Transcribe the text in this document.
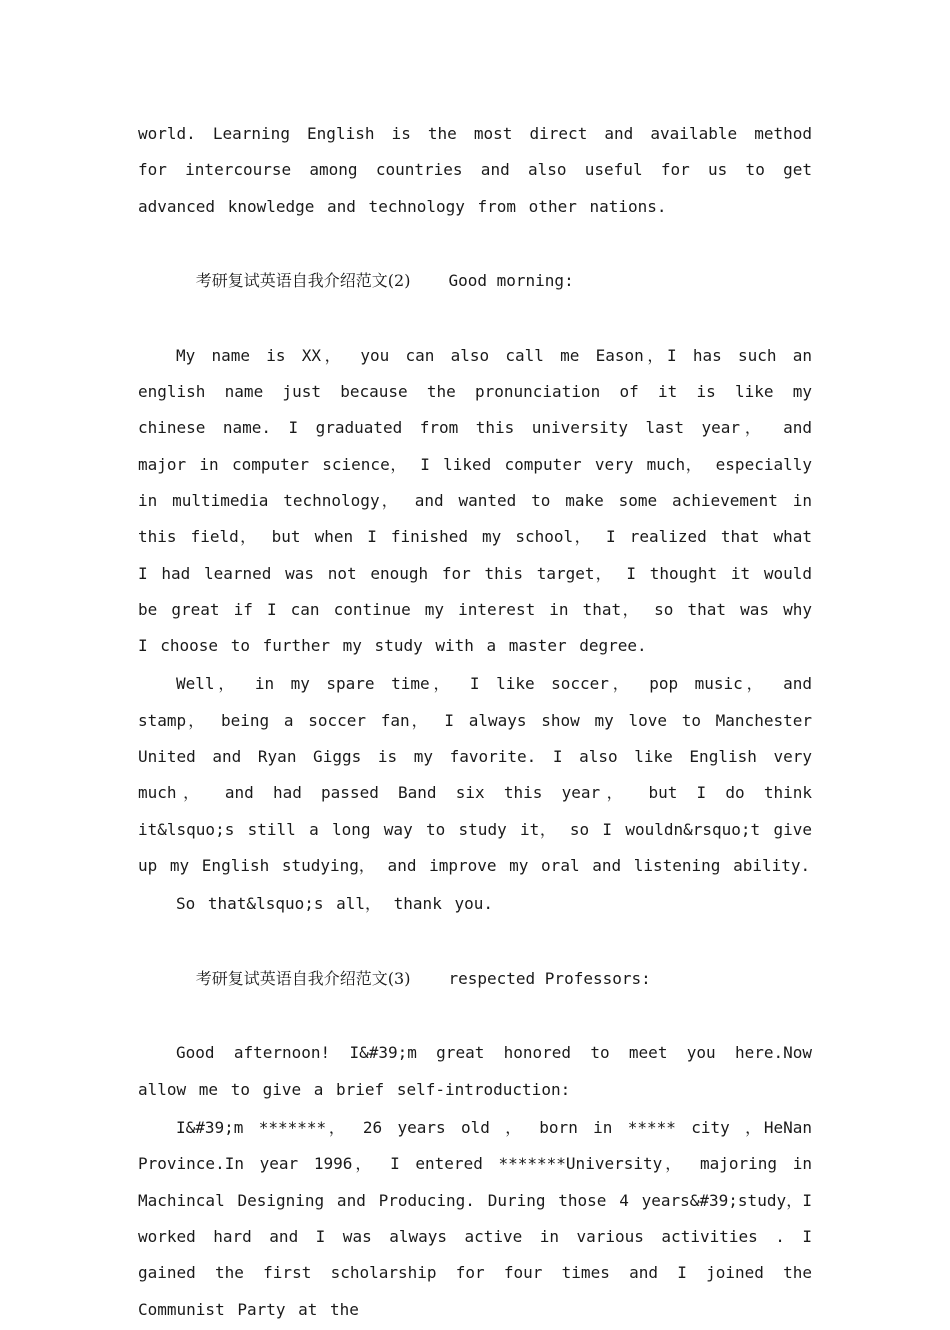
world. Learning English is the most direct and available method for intercourse among countries and also useful for us to get advanced knowledge and technology from other nations.

考研复试英语自我介绍范文(2) Good morning:

My name is XX， you can also call me Eason，I has such an english name just because the pronunciation of it is like my chinese name. I graduated from this university last year， and major in computer science， I liked computer very much， especially in multimedia technology， and wanted to make some achievement in this field， but when I finished my school， I realized that what I had learned was not enough for this target， I thought it would be great if I can continue my interest in that， so that was why I choose to further my study with a master degree.

Well， in my spare time， I like soccer， pop music， and stamp， being a soccer fan， I always show my love to Manchester United and Ryan Giggs is my favorite. I also like English very much， and had passed Band six this year， but I do think it&lsquo;s still a long way to study it， so I wouldn&rsquo;t give up my English studying， and improve my oral and listening ability.

So that&lsquo;s all， thank you.

考研复试英语自我介绍范文(3) respected Professors:

Good afternoon! I&#39;m great honored to meet you here.Now allow me to give a brief self-introduction:

I&#39;m *******， 26 years old ， born in ***** city ，HeNan Province.In year 1996， I entered *******University， majoring in Machincal Designing and Producing. During those 4 years&#39;study，I worked hard and I was always active in various activities . I gained the first scholarship for four times and I joined the Communist Party at the
